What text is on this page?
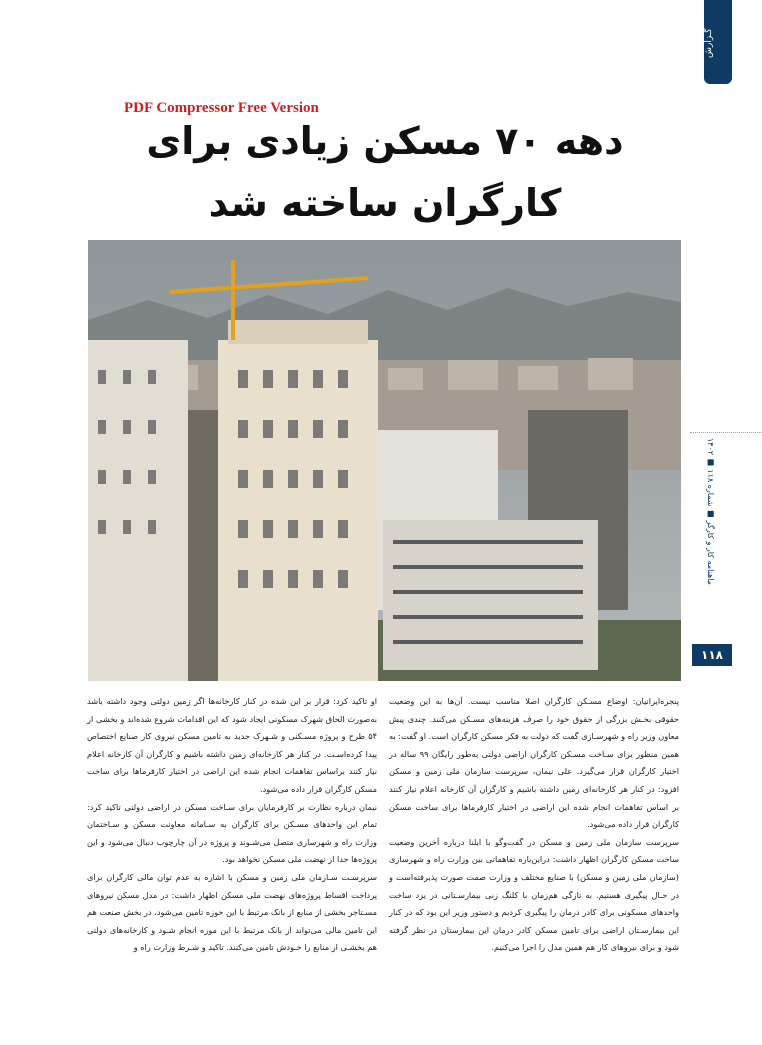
گـزارش
PDF Compressor Free Version
دهه ۷۰ مسکن زیادی برای
کارگران ساخته شد
ماهنامه کار و کارگر ■ شماره ۱۱۸ ■ ۱۴۰۲
۱۱۸

پنجره‌ایرانیان: اوضاع مسـکن کارگران اصلا مناسب نیست. آن‌ها به این وضعیت حقوقی بخـش بزرگی از حقوق خود را صرف هزینه‌های مسـکن می‌کنند. چندی پیش معاون وزیر راه و شهرسـازی گفت که دولت به فکر مسکن کارگران است. او گفت: به همین منظور برای سـاخت مسـکن کارگران اراضی دولتی به‌طور رایگان ۹۹ ساله در اختیار کارگران قرار می‌گیرد. علی نیمان، سرپرست سازمان ملی زمین و مسکن افزود: در کنار هر کارخانه‌ای زمین داشته باشیم و کارگران آن کارخانه اعلام نیاز کنند بر اساس تفاهمات انجام شده این اراضی در اختیار کارفرماها برای ساخت مسکن کارگران قرار داده می‌شود.

سرپرست سازمان ملی زمین و مسکن در گفت‌وگو با ایلنا درباره آخرین وضعیت ساخت مسکن کارگران اظهار داشت: دراین‌باره تفاهماتی بین وزارت راه و شهرسازی (سازمان ملی زمین و مسکن) با صنایع مختلف و وزارت صمت صورت پذیرفته‌است و در حـال پیگیری هستیم. به تازگی هم‌زمان با کلنگ زنی بیمارسـتانی در یزد ساخت واحدهای مسکونی برای کادر درمان را پیگیری کردیم و دستور وزیر این بود که در کنار این بیمارسـتان اراضی برای تامین مسکن کادر درمان این بیمارستان در نظر گرفته شود و برای نیروهای کار هم همین مدل را اجرا می‌کنیم.

او تاکید کرد: قرار بر این شده در کنار کارخانه‌ها اگر زمین دولتی وجود داشته باشد به‌صورت الحاق شهرک مسکونی ایجاد شود که این اقدامات شروع شده‌اند و بخشی از ۵۴ طرح و پروژه مسـکنی و شـهرک جدید به تامین مسکن نیروی کار صنایع اختصاص پیدا کرده‌اسـت. در کنار هر کارخانه‌ای زمین داشته باشیم و کارگران آن کارخانه اعلام نیاز کنند براساس تفاهمات انجام شده این اراضی در اختیار کارفرماها برای ساخت مسکن کارگران قرار داده می‌شود.

نیمان درباره نظارت بر کارفرمایان برای سـاخت مسکن در اراضی دولتی تاکید کرد: تمام این واحدهای مسـکن برای کارگران به سـامانه معاونت مسکن و سـاختمان وزارت راه و شهرسازی متصل می‌شـوند و پروژه در آن چارچوب دنبال می‌شود و این پروژه‌ها جدا از نهضت ملی مسکن نخواهد بود.

سرپرسـت سـازمان ملی زمین و مسکن با اشاره به عدم توان مالی کارگران برای پرداخت اقساط پروژه‌های نهضت ملی مسکن اظهار داشت: در مدل مسکن نیروهای مسـتاجر بخشی از منابع از بانک مرتبط با این حوزه تامین می‌شود، در بخش صنعت هم این تامین مالی می‌تواند از بانک مرتبط با این موزه انجام شـود و کارخانه‌های دولتی هم بخشـی از منابع را خـودش تامین می‌کنند. تاکید و شـرط وزارت راه و
